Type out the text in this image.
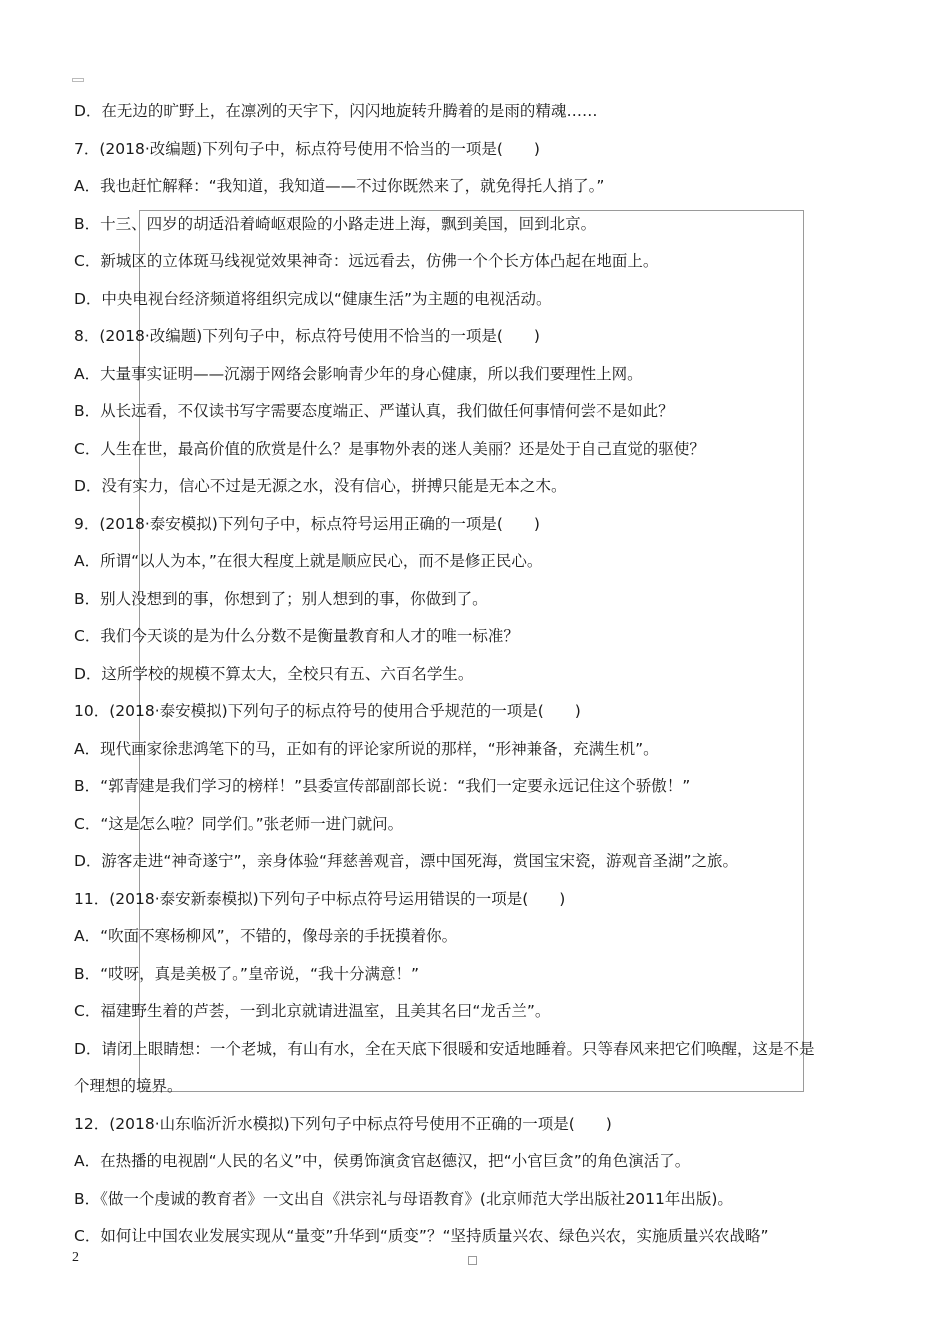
D．在无边的旷野上，在凛冽的天宇下，闪闪地旋转升腾着的是雨的精魂……
7．(2018·改编题)下列句子中，标点符号使用不恰当的一项是(　　)
A．我也赶忙解释：“我知道，我知道——不过你既然来了，就免得托人捎了。”
B．十三、四岁的胡适沿着崎岖艰险的小路走进上海，飘到美国，回到北京。
C．新城区的立体斑马线视觉效果神奇：远远看去，仿佛一个个长方体凸起在地面上。
D．中央电视台经济频道将组织完成以“健康生活”为主题的电视活动。
8．(2018·改编题)下列句子中，标点符号使用不恰当的一项是(　　)
A．大量事实证明——沉溺于网络会影响青少年的身心健康，所以我们要理性上网。
B．从长远看，不仅读书写字需要态度端正、严谨认真，我们做任何事情何尝不是如此？
C．人生在世，最高价值的欣赏是什么？是事物外表的迷人美丽？还是处于自己直觉的驱使？
D．没有实力，信心不过是无源之水，没有信心，拼搏只能是无本之木。
9．(2018·泰安模拟)下列句子中，标点符号运用正确的一项是(　　)
A．所谓“以人为本，”在很大程度上就是顺应民心，而不是修正民心。
B．别人没想到的事，你想到了；别人想到的事，你做到了。
C．我们今天谈的是为什么分数不是衡量教育和人才的唯一标准？
D．这所学校的规模不算太大，全校只有五、六百名学生。
10．(2018·泰安模拟)下列句子的标点符号的使用合乎规范的一项是(　　)
A．现代画家徐悲鸿笔下的马，正如有的评论家所说的那样，“形神兼备，充满生机”。
B．“郭青建是我们学习的榜样！”县委宣传部副部长说：“我们一定要永远记住这个骄傲！”
C．“这是怎么啦？同学们。”张老师一进门就问。
D．游客走进“神奇遂宁”，亲身体验“拜慈善观音，漂中国死海，赏国宝宋瓷，游观音圣湖”之旅。
11．(2018·泰安新泰模拟)下列句子中标点符号运用错误的一项是(　　)
A．“吹面不寒杨柳风”，不错的，像母亲的手抚摸着你。
B．“哎呀，真是美极了。”皇帝说，“我十分满意！”
C．福建野生着的芦荟，一到北京就请进温室，且美其名曰“龙舌兰”。
D．请闭上眼睛想：一个老城，有山有水，全在天底下很暖和安适地睡着。只等春风来把它们唤醒，这是不是
个理想的境界。
12．(2018·山东临沂沂水模拟)下列句子中标点符号使用不正确的一项是(　　)
A．在热播的电视剧“人民的名义”中，侯勇饰演贪官赵德汉，把“小官巨贪”的角色演活了。
B．《做一个虔诚的教育者》一文出自《洪宗礼与母语教育》(北京师范大学出版社2011年出版)。
C．如何让中国农业发展实现从“量变”升华到“质变”？“坚持质量兴农、绿色兴农，实施质量兴农战略”
2
